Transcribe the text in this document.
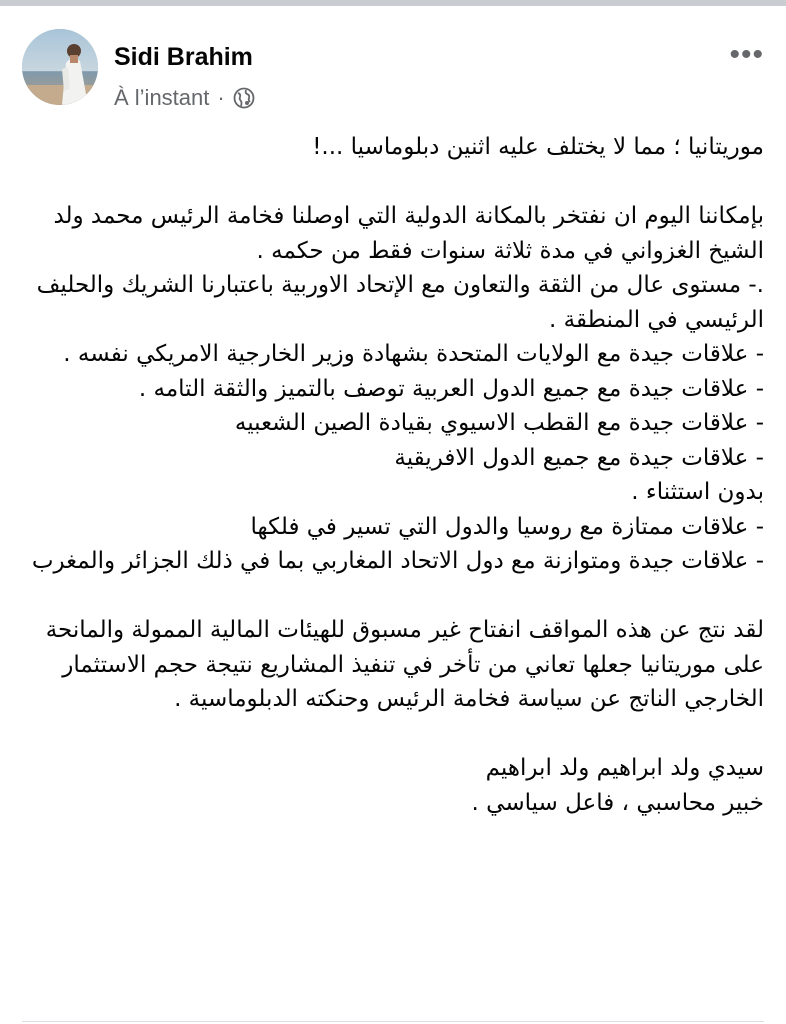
Sidi Brahim
À l’instant ·
•••

موريتانيا ؛ مما لا يختلف عليه اثنين دبلوماسيا ...!

بإمكاننا اليوم ان نفتخر بالمكانة الدولية التي اوصلنا فخامة الرئيس محمد ولد الشيخ الغزواني في مدة ثلاثة سنوات فقط من حكمه .

.- مستوى عال من الثقة والتعاون مع الإتحاد الاوربية باعتبارنا الشريك والحليف الرئيسي في المنطقة .

- علاقات جيدة مع الولايات المتحدة بشهادة وزير الخارجية الامريكي نفسه .

- علاقات جيدة مع جميع الدول العربية توصف بالتميز والثقة التامه .

- علاقات جيدة مع القطب الاسيوي بقيادة الصين الشعبيه

- علاقات جيدة مع جميع الدول الافريقية

بدون استثناء .

- علاقات ممتازة مع روسيا والدول التي تسير في فلكها

- علاقات جيدة ومتوازنة مع دول الاتحاد المغاربي بما في ذلك الجزائر والمغرب

لقد نتج عن هذه المواقف انفتاح غير مسبوق للهيئات المالية الممولة والمانحة على موريتانيا جعلها تعاني من تأخر في تنفيذ المشاريع نتيجة حجم الاستثمار الخارجي الناتج عن سياسة فخامة الرئيس وحنكته الدبلوماسية .

سيدي ولد ابراهيم ولد ابراهيم

خبير محاسبي ، فاعل سياسي .
